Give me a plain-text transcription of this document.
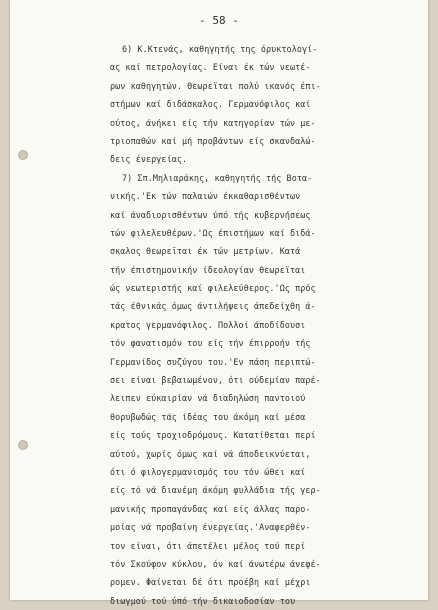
- 58 -
6) Κ.Κτενάς, καθηγητής της όρυκτολογί-
ας καί πετρολογίας. Είναι έκ τών νεωτέ-
ρων καθηγητών. Θεωρεϊται πολύ ικανός έπι-
στήμων καί διδάσκαλος. Γερμανόφιλος καί
ούτος, άνήκει είς τήν κατηγορίαν τών με-
τριοπαθών καί μή προβάντων είς σκανδαλώ-
δεις ένεργείας.
7) Σπ.Μηλιαράκης, καθηγητής τής Βοτα-
νικής.'Εκ τών παλαιών έκκαθαρισθέντων
καί άναδιορισθέντων ύπό τής κυβερνήσεως
τών φιλελευθέρων.'Ως έπιστήμων καί διδά-
σκαλος θεωρεϊται έκ τών μετρίων. Κατά
τήν έπιστημονικήν ίδεολογίαν θεωρεϊται
ώς νεωτεριστής καί φιλελεύθερος.'Ως πρός
τάς έθνικάς όμως άντιλήψεις άπεδείχθη ά-
κρατος γερμανόφιλος. Πολλοί άποδίδουσι
τόν φανατισμόν του είς τήν έπιρροήν τής
Γερμανίδος συζύγου του.'Εν πάση περιπτώ-
σει είναι βεβαιωμένον, ότι ούδεμίαν παρέ-
λειπεν εύκαιρίαν νά διαδηλώση παντοιού
θορυβωδώς τάς ίδέας του άκόμη καί μέσα
είς τούς τροχιοδρόμους. Κατατίθεται περί
αύτού, χωρίς όμως καί νά άποδεικνύεται,
ότι ό φιλογερμανισμός του τόν ώθει καί
είς τό νά διανέμη άκόμη φυλλάδια τής γερ-
μανικής προπαγάνδας καί είς άλλας παρο-
μοίας νά προβαίνη ένεργείας.'Αναφερθέν-
τον είναι, ότι άπετέλει μέλος τού περί
τόν Σκούφον κύκλου, όν καί άνωτέρω άνεφέ-
ρομεν. Φαίνεται δέ ότι προέβη καί μέχρι
διωγμού τού ύπό τήν δικαιοδοσίαν του
